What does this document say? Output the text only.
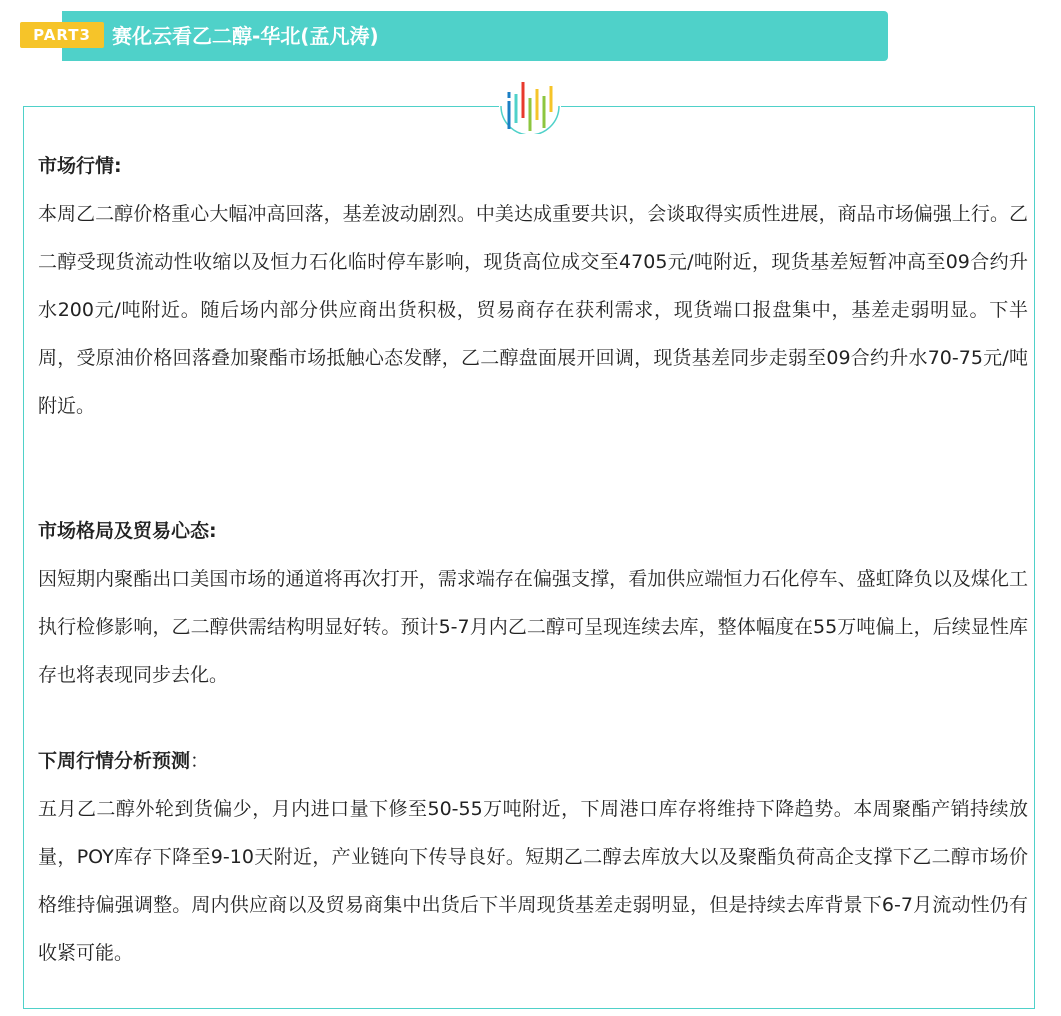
PART3	赛化云看乙二醇-华北(孟凡涛)

市场行情:

本周乙二醇价格重心大幅冲高回落，基差波动剧烈。中美达成重要共识，会谈取得实质性进展，商品市场偏强上行。乙二醇受现货流动性收缩以及恒力石化临时停车影响，现货高位成交至4705元/吨附近，现货基差短暂冲高至09合约升水200元/吨附近。随后场内部分供应商出货积极，贸易商存在获利需求，现货端口报盘集中，基差走弱明显。下半周，受原油价格回落叠加聚酯市场抵触心态发酵，乙二醇盘面展开回调，现货基差同步走弱至09合约升水70-75元/吨附近。

市场格局及贸易心态:

因短期内聚酯出口美国市场的通道将再次打开，需求端存在偏强支撑，看加供应端恒力石化停车、盛虹降负以及煤化工执行检修影响，乙二醇供需结构明显好转。预计5-7月内乙二醇可呈现连续去库，整体幅度在55万吨偏上，后续显性库存也将表现同步去化。

下周行情分析预测：

五月乙二醇外轮到货偏少，月内进口量下修至50-55万吨附近，下周港口库存将维持下降趋势。本周聚酯产销持续放量，POY库存下降至9-10天附近，产业链向下传导良好。短期乙二醇去库放大以及聚酯负荷高企支撑下乙二醇市场价格维持偏强调整。周内供应商以及贸易商集中出货后下半周现货基差走弱明显，但是持续去库背景下6-7月流动性仍有收紧可能。
